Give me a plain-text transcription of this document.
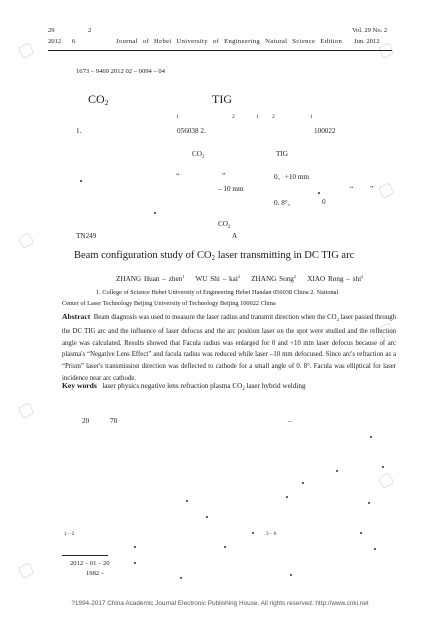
▢	▢
▢
▢
▢
▢
▢
▢
29	2	Vol. 29 No. 2
2012 6	Journal of Hebei University of Engineering Natural Science Edition Jun. 2012
1673 – 9469 2012 02 – 0094 – 04
$CO_2$	TIG
1	2	1 2	1
1.	056038 2.	100022
$CO_2$	TIG
“	”	0、+10 mm
– 10 mm	“ ”
0. 8°。	0
$CO_2$
TN249	A
Beam configuration study of $CO_2$ laser transmitting in DC TIG arc
ZHANG Huan – zhen$^1$ WU Shi – kai$^2$ ZHANG Song$^2$ XIAO Rong – shi$^2$
1. College of Science Hebei University of Engineering Hebei Handan 056038 China 2. National
Center of Laser Technology Beijing University of Technology Beijing 100022 China
Abstract Beam diagnosis was used to measure the laser radius and transmit direction when the $CO_2$ laser passed through the DC TIG arc and the influence of laser defocus and the arc position laser on the spot were studied and the reflection angle was calculated. Results showed that Facula radius was enlarged for 0 and +10 mm laser defocus because of arc plasma's “Negative Lens Effect” and facula radius was reduced while laser –10 mm defocused. Since arc's refraction as a “Prism” laser's transmission direction was deflected to cathode for a small angle of 0. 8°. Facula was elliptical for laser incidence near arc cathode.
Key words laser physics negative lens refraction plasma $CO_2$ laser hybrid welding
20	70	–
1 – 2	3 – 6
2012 – 01 – 20
1982 –
?1994-2017 China Academic Journal Electronic Publishing House. All rights reserved. http://www.cnki.net
